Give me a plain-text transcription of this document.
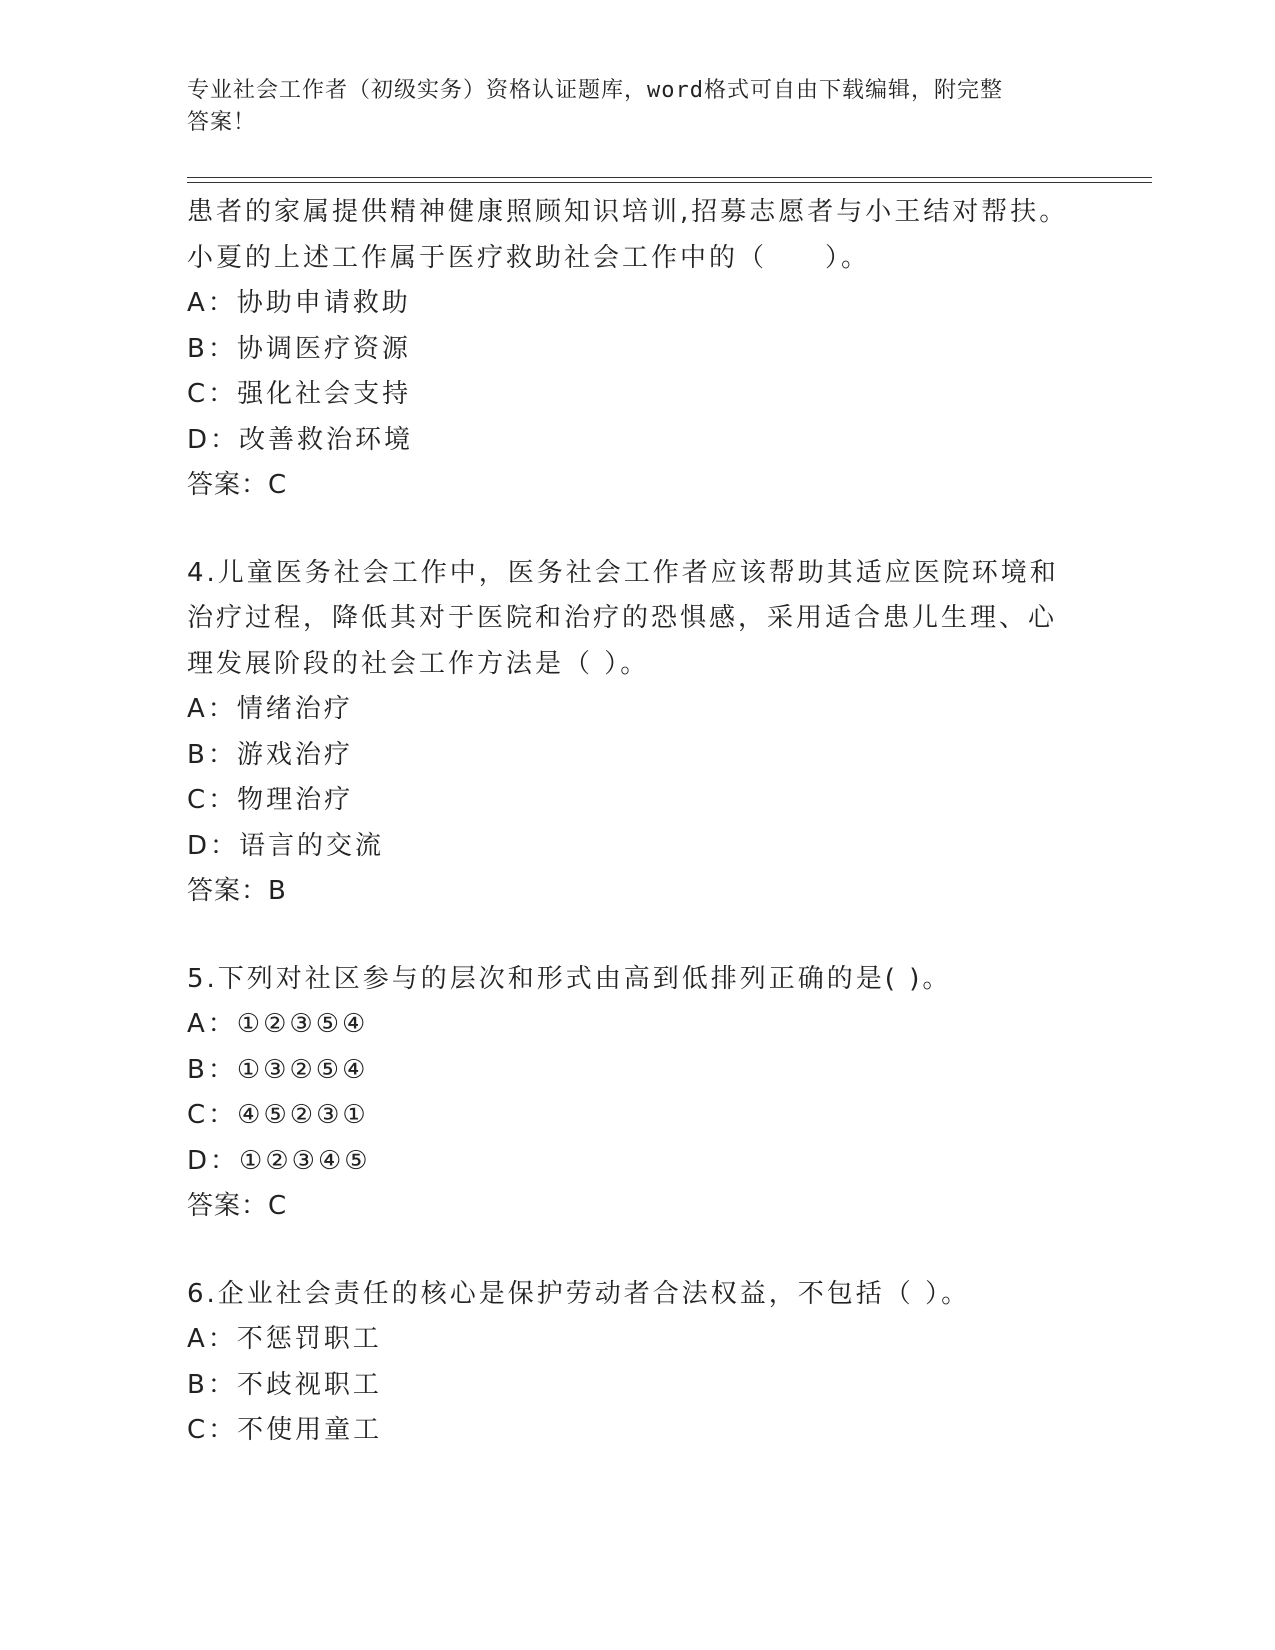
专业社会工作者（初级实务）资格认证题库，word格式可自由下载编辑，附完整
答案！
患者的家属提供精神健康照顾知识培训,招募志愿者与小王结对帮扶。
小夏的上述工作属于医疗救助社会工作中的（　　）。
A：协助申请救助
B：协调医疗资源
C：强化社会支持
D：改善救治环境
答案：C
4.儿童医务社会工作中，医务社会工作者应该帮助其适应医院环境和
治疗过程，降低其对于医院和治疗的恐惧感，采用适合患儿生理、心
理发展阶段的社会工作方法是（ ）。
A：情绪治疗
B：游戏治疗
C：物理治疗
D：语言的交流
答案：B
5.下列对社区参与的层次和形式由高到低排列正确的是( )。
A：①②③⑤④
B：①③②⑤④
C：④⑤②③①
D：①②③④⑤
答案：C
6.企业社会责任的核心是保护劳动者合法权益，不包括（ ）。
A：不惩罚职工
B：不歧视职工
C：不使用童工
